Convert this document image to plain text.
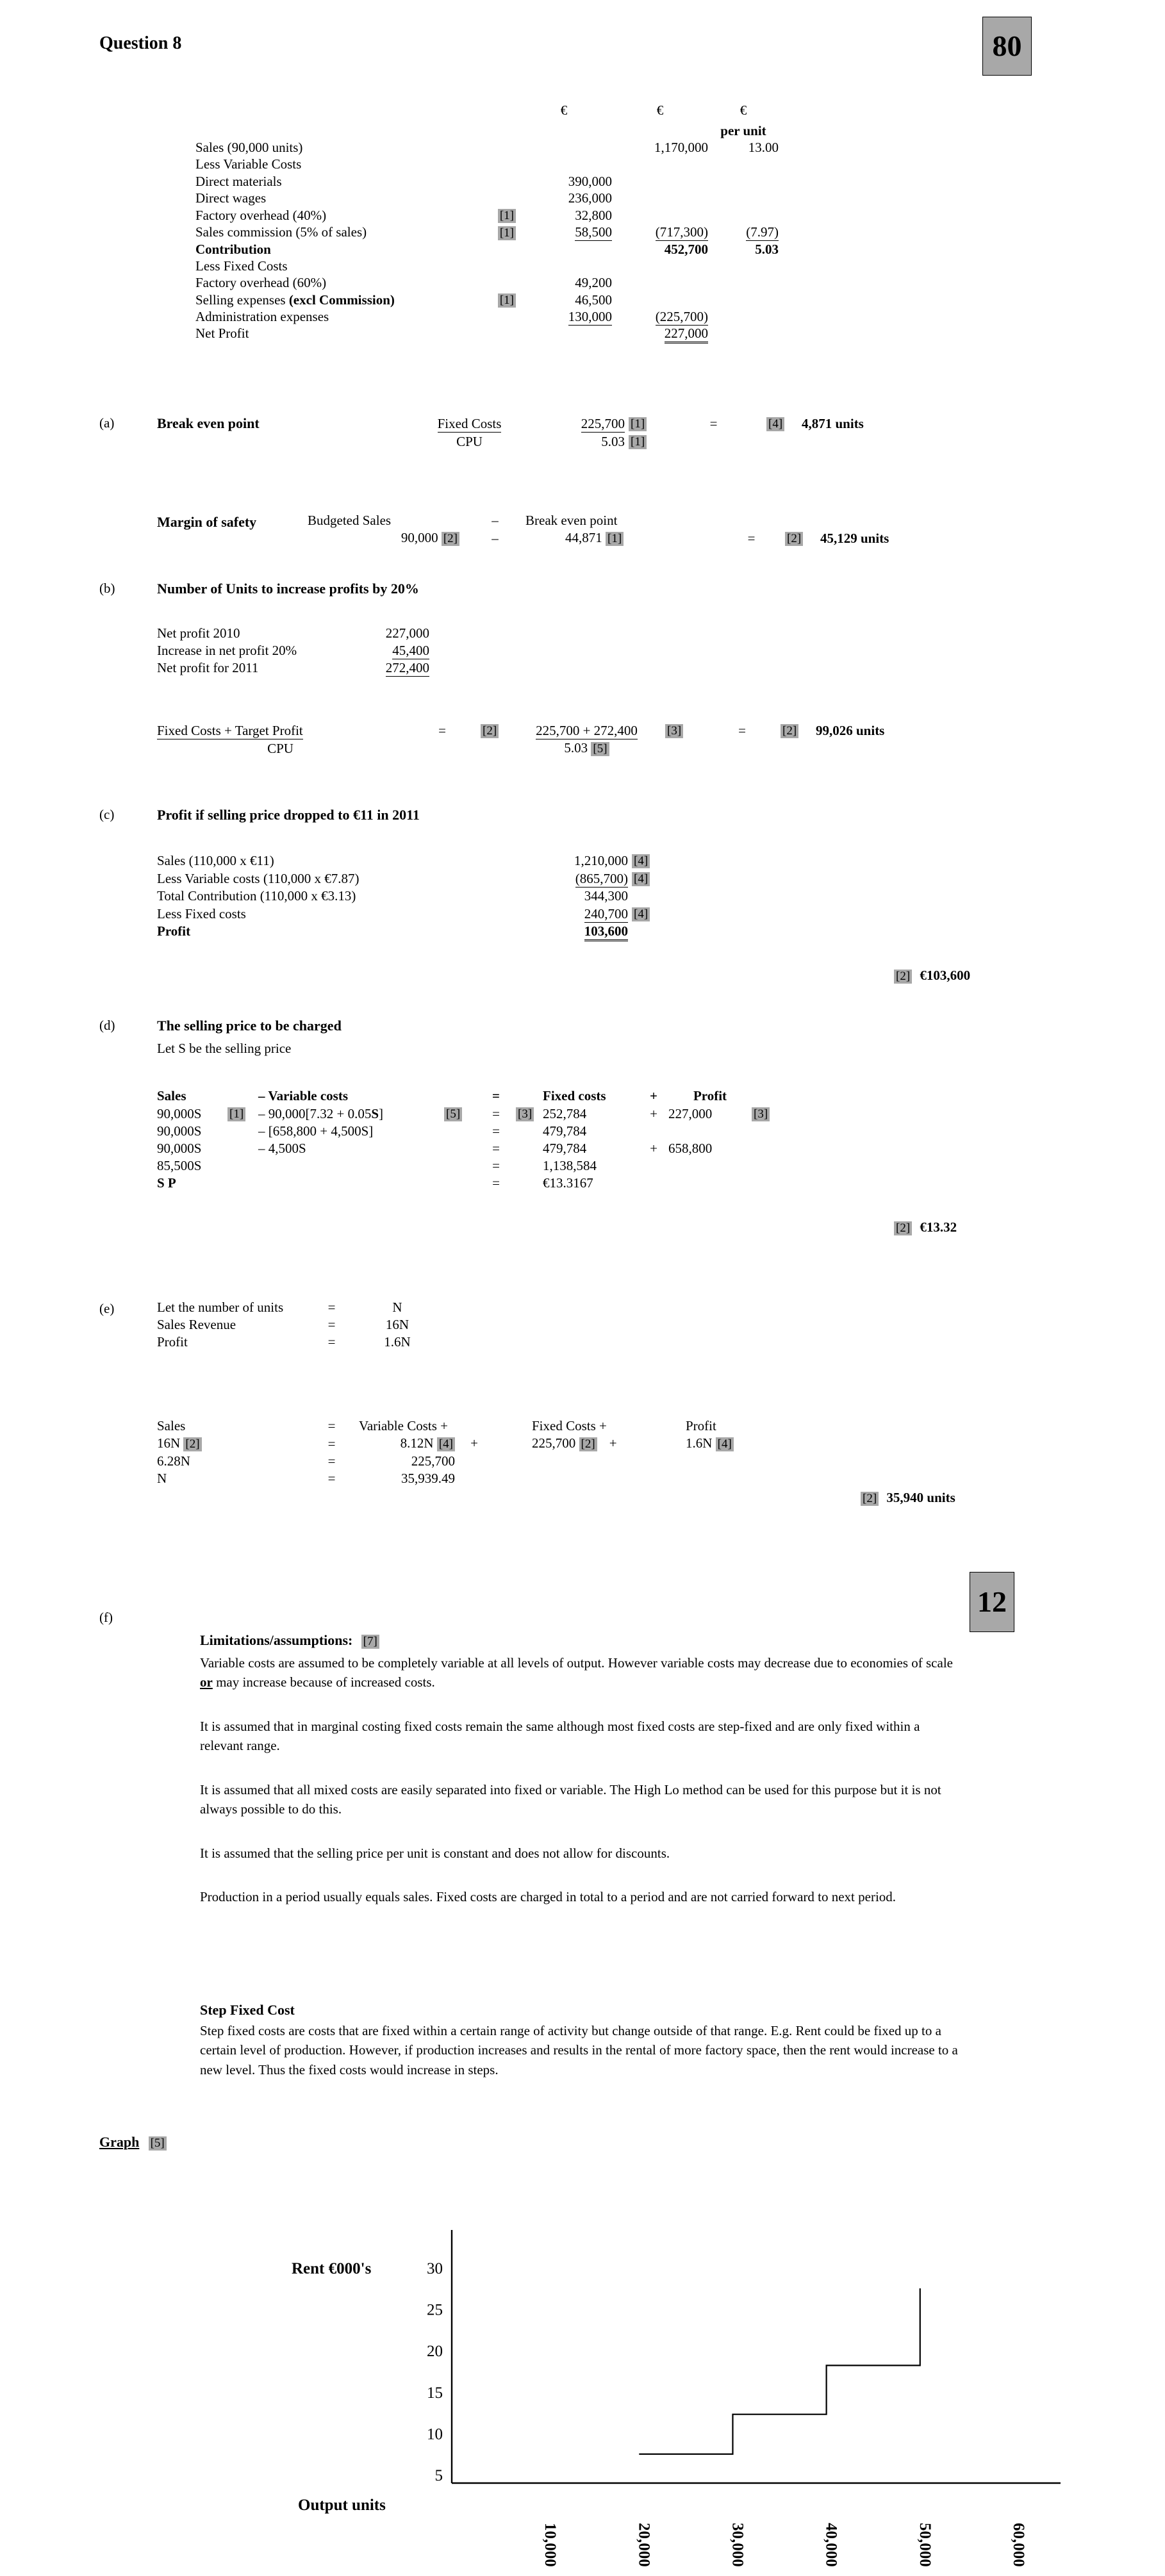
Question 8	80
		€	€	€
				per unit
Sales (90,000 units)			1,170,000	13.00
Less Variable Costs				
Direct materials		390,000		
Direct wages		236,000		
Factory overhead (40%)	[1]	32,800		
Sales commission (5% of sales)	[1]	58,500	(717,300)	(7.97)
Contribution			452,700	5.03
Less Fixed Costs				
Factory overhead (60%)		49,200		
Selling expenses (excl Commission)	[1]	46,500		
Administration expenses		130,000	(225,700)	
Net Profit			227,000	
(a)	Break even point	Fixed Costs	225,700	[1]	=	[4]	4,871 units
CPU	5.03	[1]			
Margin of safety	Budgeted Sales	–	Break even point			
90,000 [2]	–	44,871 [1]	=	[2]	45,129 units
(b)	Number of Units to increase profits by 20%
Net profit 2010	227,000
Increase in net profit 20%	45,400
Net profit for 2011	272,400
Fixed Costs + Target Profit	=	[2]	225,700 + 272,400	[3]	=	[2]	99,026 units
CPU			5.03 [5]				
(c)	Profit if selling price dropped to €11 in 2011
Sales (110,000 x €11)	1,210,000	[4]
Less Variable costs (110,000 x €7.87)	(865,700)	[4]
Total Contribution (110,000 x €3.13)	344,300	
Less Fixed costs	240,700	[4]
Profit	103,600	
[2] €103,600
(d)	The selling price to be charged
Let S be the selling price
Sales		– Variable costs		=		Fixed costs	+	Profit	
90,000S	[1]	– 90,000[7.32 + 0.05S]	[5]	=	[3]	252,784	+	227,000	[3]
90,000S		– [658,800 + 4,500S]		=		479,784			
90,000S		– 4,500S		=		479,784	+	658,800	
85,500S				=		1,138,584			
S P				=		€13.3167			
[2] €13.32
(e)	Let the number of units	=	N
Sales Revenue	=	16N
Profit	=	1.6N
Sales	=	Variable Costs +	Fixed Costs +	Profit
16N [2]	=	8.12N [4] +	225,700 [2] +	1.6N [4]
6.28N	=	225,700		
N	=	35,939.49		
[2] 35,940 units
(f)	12
Limitations/assumptions: [7]
Variable costs are assumed to be completely variable at all levels of output. However variable costs may decrease due to economies of scale or may increase because of increased costs.
It is assumed that in marginal costing fixed costs remain the same although most fixed costs are step-fixed and are only fixed within a relevant range.
It is assumed that all mixed costs are easily separated into fixed or variable. The High Lo method can be used for this purpose but it is not always possible to do this.
It is assumed that the selling price per unit is constant and does not allow for discounts.
Production in a period usually equals sales. Fixed costs are charged in total to a period and are not carried forward to next period.
Step Fixed Cost
Step fixed costs are costs that are fixed within a certain range of activity but change outside of that range. E.g. Rent could be fixed up to a certain level of production. However, if production increases and results in the rental of more factory space, then the rent would increase to a new level. Thus the fixed costs would increase in steps.
Graph [5]
Rent €000's	30
25
20
15
10
5
Output units
10,000	20,000	30,000	40,000	50,000	60,000
